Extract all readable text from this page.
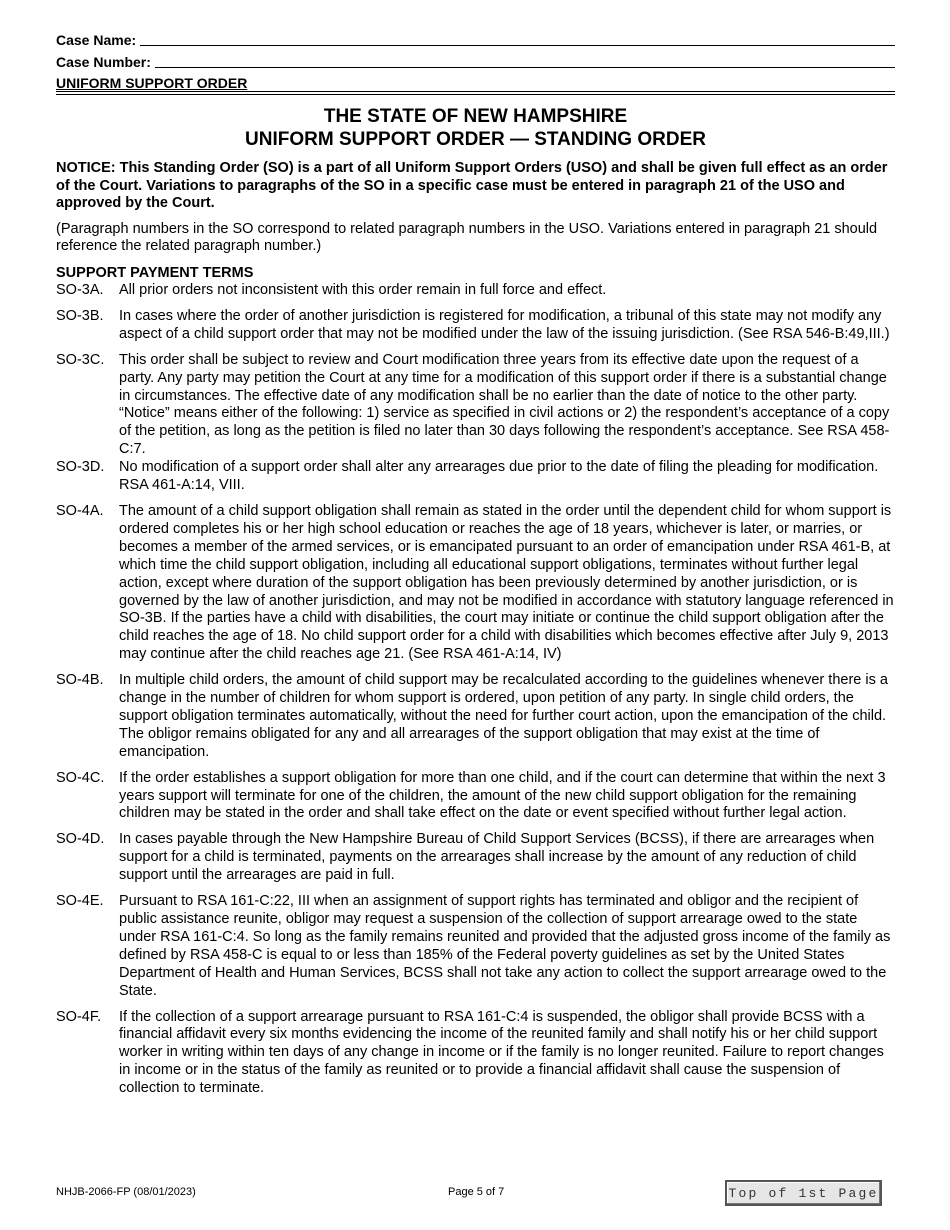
Case Name:
Case Number:
UNIFORM SUPPORT ORDER
THE STATE OF NEW HAMPSHIRE
UNIFORM SUPPORT ORDER — STANDING ORDER
NOTICE: This Standing Order (SO) is a part of all Uniform Support Orders (USO) and shall be given full effect as an order of the Court. Variations to paragraphs of the SO in a specific case must be entered in paragraph 21 of the USO and approved by the Court.
(Paragraph numbers in the SO correspond to related paragraph numbers in the USO. Variations entered in paragraph 21 should reference the related paragraph number.)
SUPPORT PAYMENT TERMS
SO-3A.	All prior orders not inconsistent with this order remain in full force and effect.
SO-3B.	In cases where the order of another jurisdiction is registered for modification, a tribunal of this state may not modify any aspect of a child support order that may not be modified under the law of the issuing jurisdiction. (See RSA 546-B:49,III.)
SO-3C.	This order shall be subject to review and Court modification three years from its effective date upon the request of a party. Any party may petition the Court at any time for a modification of this support order if there is a substantial change in circumstances. The effective date of any modification shall be no earlier than the date of notice to the other party. “Notice” means either of the following: 1) service as specified in civil actions or 2) the respondent’s acceptance of a copy of the petition, as long as the petition is filed no later than 30 days following the respondent’s acceptance. See RSA 458-C:7.
SO-3D.	No modification of a support order shall alter any arrearages due prior to the date of filing the pleading for modification. RSA 461-A:14, VIII.
SO-4A.	The amount of a child support obligation shall remain as stated in the order until the dependent child for whom support is ordered completes his or her high school education or reaches the age of 18 years, whichever is later, or marries, or becomes a member of the armed services, or is emancipated pursuant to an order of emancipation under RSA 461-B, at which time the child support obligation, including all educational support obligations, terminates without further legal action, except where duration of the support obligation has been previously determined by another jurisdiction, or is governed by the law of another jurisdiction, and may not be modified in accordance with statutory language referenced in SO-3B. If the parties have a child with disabilities, the court may initiate or continue the child support obligation after the child reaches the age of 18. No child support order for a child with disabilities which becomes effective after July 9, 2013 may continue after the child reaches age 21. (See RSA 461-A:14, IV)
SO-4B.	In multiple child orders, the amount of child support may be recalculated according to the guidelines whenever there is a change in the number of children for whom support is ordered, upon petition of any party. In single child orders, the support obligation terminates automatically, without the need for further court action, upon the emancipation of the child. The obligor remains obligated for any and all arrearages of the support obligation that may exist at the time of emancipation.
SO-4C.	If the order establishes a support obligation for more than one child, and if the court can determine that within the next 3 years support will terminate for one of the children, the amount of the new child support obligation for the remaining children may be stated in the order and shall take effect on the date or event specified without further legal action.
SO-4D.	In cases payable through the New Hampshire Bureau of Child Support Services (BCSS), if there are arrearages when support for a child is terminated, payments on the arrearages shall increase by the amount of any reduction of child support until the arrearages are paid in full.
SO-4E.	Pursuant to RSA 161-C:22, III when an assignment of support rights has terminated and obligor and the recipient of public assistance reunite, obligor may request a suspension of the collection of support arrearage owed to the state under RSA 161-C:4. So long as the family remains reunited and provided that the adjusted gross income of the family as defined by RSA 458-C is equal to or less than 185% of the Federal poverty guidelines as set by the United States Department of Health and Human Services, BCSS shall not take any action to collect the support arrearage owed to the State.
SO-4F.	If the collection of a support arrearage pursuant to RSA 161-C:4 is suspended, the obligor shall provide BCSS with a financial affidavit every six months evidencing the income of the reunited family and shall notify his or her child support worker in writing within ten days of any change in income or if the family is no longer reunited. Failure to report changes in income or in the status of the family as reunited or to provide a financial affidavit shall cause the suspension of collection to terminate.
NHJB-2066-FP (08/01/2023)	Page 5 of 7	Top of 1st Page
